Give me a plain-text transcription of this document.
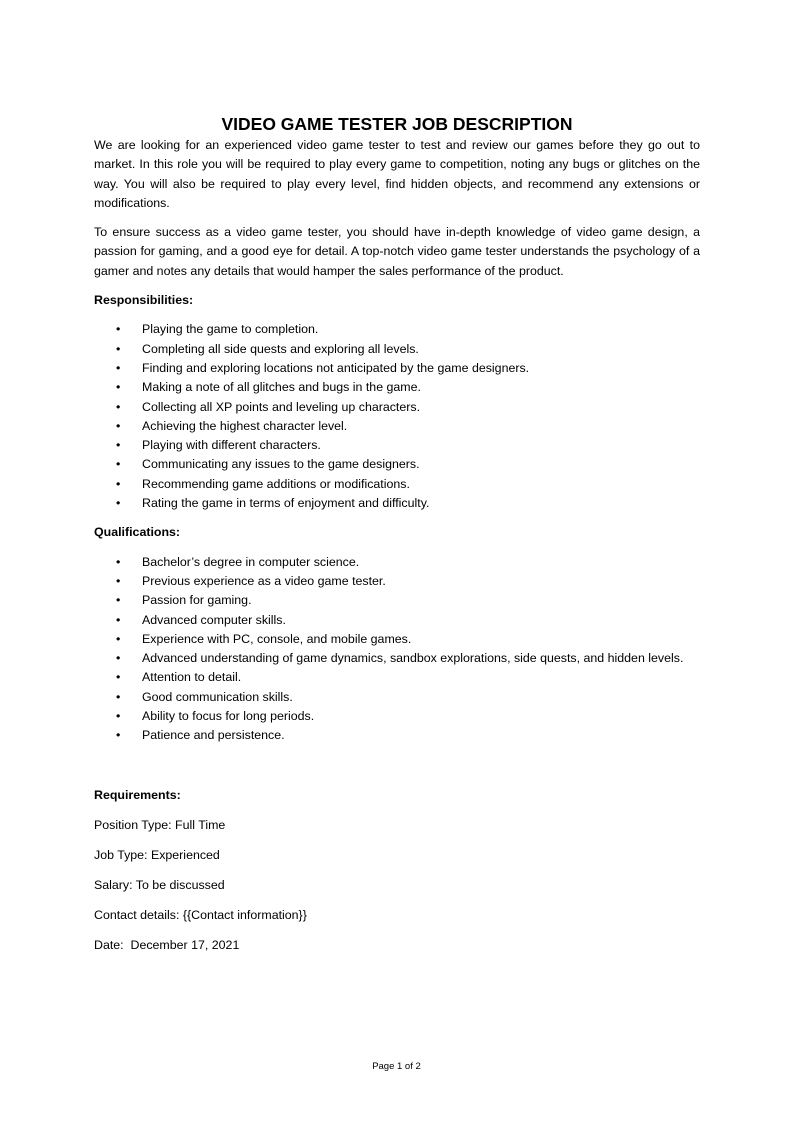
VIDEO GAME TESTER JOB DESCRIPTION

We are looking for an experienced video game tester to test and review our games before they go out to market. In this role you will be required to play every game to competition, noting any bugs or glitches on the way. You will also be required to play every level, find hidden objects, and recommend any extensions or modifications.

To ensure success as a video game tester, you should have in-depth knowledge of video game design, a passion for gaming, and a good eye for detail. A top-notch video game tester understands the psychology of a gamer and notes any details that would hamper the sales performance of the product.

Responsibilities:

• Playing the game to completion.
• Completing all side quests and exploring all levels.
• Finding and exploring locations not anticipated by the game designers.
• Making a note of all glitches and bugs in the game.
• Collecting all XP points and leveling up characters.
• Achieving the highest character level.
• Playing with different characters.
• Communicating any issues to the game designers.
• Recommending game additions or modifications.
• Rating the game in terms of enjoyment and difficulty.

Qualifications:

• Bachelor’s degree in computer science.
• Previous experience as a video game tester.
• Passion for gaming.
• Advanced computer skills.
• Experience with PC, console, and mobile games.
• Advanced understanding of game dynamics, sandbox explorations, side quests, and hidden levels.
• Attention to detail.
• Good communication skills.
• Ability to focus for long periods.
• Patience and persistence.

Requirements:

Position Type: Full Time

Job Type: Experienced

Salary: To be discussed

Contact details: {{Contact information}}

Date:  December 17, 2021

Page 1 of 2
